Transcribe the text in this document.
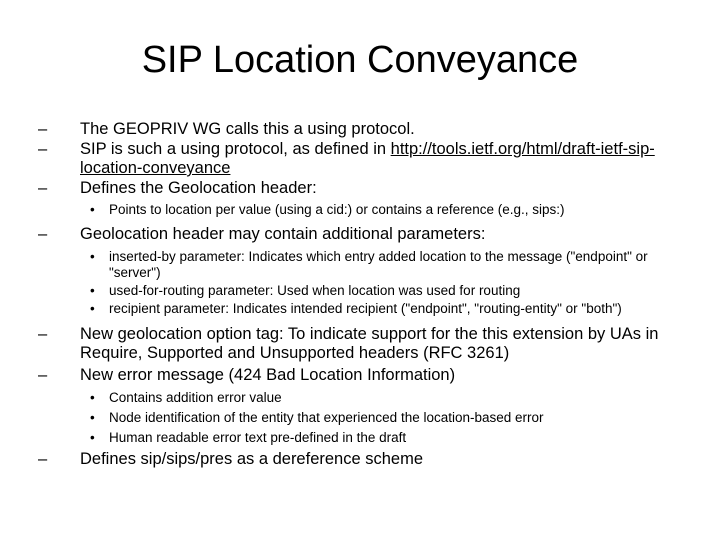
SIP Location Conveyance
– The GEOPRIV WG calls this a using protocol.
– SIP is such a using protocol, as defined in http://tools.ietf.org/html/draft-ietf-sip-location-conveyance
– Defines the Geolocation header:
• Points to location per value (using a cid:) or contains a reference (e.g., sips:)
– Geolocation header may contain additional parameters:
• inserted-by parameter: Indicates which entry added location to the message ("endpoint" or "server")
• used-for-routing parameter: Used when location was used for routing
• recipient parameter: Indicates intended recipient ("endpoint", "routing-entity" or "both")
– New geolocation option tag: To indicate support for the this extension by UAs in Require, Supported and Unsupported headers (RFC 3261)
– New error message (424 Bad Location Information)
• Contains addition error value
• Node identification of the entity that experienced the location-based error
• Human readable error text pre-defined in the draft
– Defines sip/sips/pres as a dereference scheme
